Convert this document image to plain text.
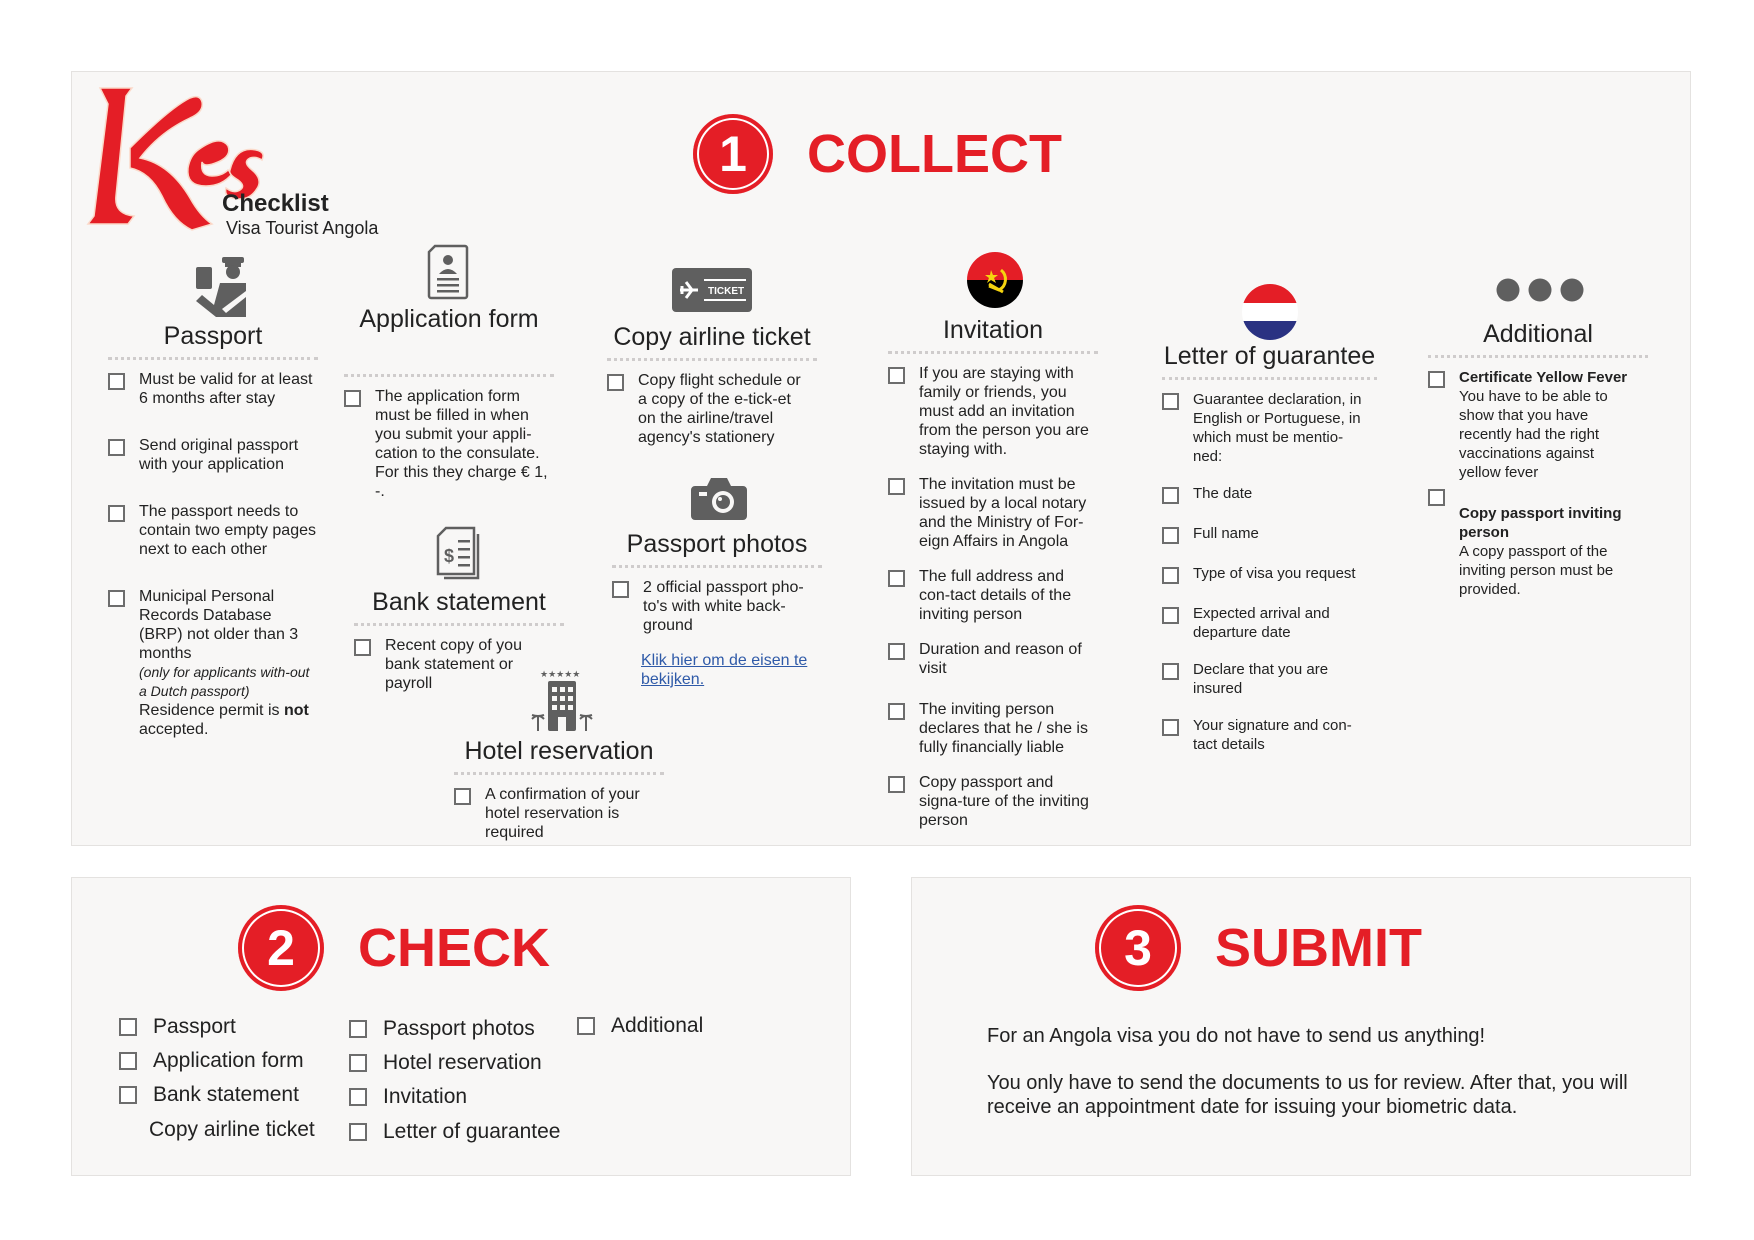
Checklist
Visa Tourist Angola
1	COLLECT
Passport
Must be valid for at least 6 months after stay
Send original passport with your application
The passport needs to contain two empty pages next to each other
Municipal Personal Records Database (BRP) not older than 3 months
(only for applicants with-out a Dutch passport)
Residence permit is not accepted.
Application form
The application form must be filled in when you submit your appli-cation to the consulate. For this they charge € 1, -.
$
Bank statement
Recent copy of you bank statement or payroll	★★★★★
Hotel reservation
A confirmation of your hotel reservation is required
TICKET
Copy airline ticket
Copy flight schedule or a copy of the e-tick-et on the airline/travel agency's stationery
Passport photos
2 official passport pho-to's with white back-ground
Klik hier om de eisen te bekijken.
Invitation
If you are staying with family or friends, you must add an invitation from the person you are staying with.
The invitation must be issued by a local notary and the Ministry of For-eign Affairs in Angola
The full address and con-tact details of the inviting person
Duration and reason of visit
The inviting person declares that he / she is fully financially liable
Copy passport and signa-ture of the inviting person
Letter of guarantee
Guarantee declaration, in English or Portuguese, in which must be mentio-ned:
The date
Full name
Type of visa you request
Expected arrival and departure date
Declare that you are insured
Your signature and con-tact details
Additional
Certificate Yellow Fever
You have to be able to show that you have recently had the right vaccinations against yellow fever
Copy passport inviting person
A copy passport of the inviting person must be provided.
2	CHECK
Passport
Application form
Bank statement
Copy airline ticket
Passport photos
Hotel reservation
Invitation
Letter of guarantee
Additional
3	SUBMIT
For an Angola visa you do not have to send us anything!
You only have to send the documents to us for review. After that, you will receive an appointment date for issuing your biometric data.
